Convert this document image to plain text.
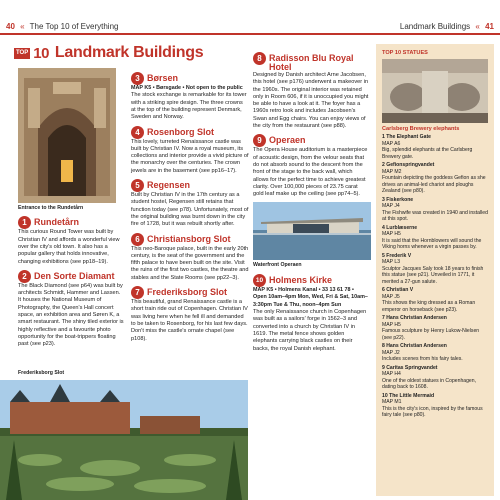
40 « The Top 10 of Everything	Landmark Buildings « 41
TOP 10 Landmark Buildings
Entrance to the Rundetårn
1 Rundetårn
This curious Round Tower was built by Christian IV and affords a wonderful view over the city's old town. It also has a popular gallery that holds innovative, changing exhibitions (see pp18–19).
2 Den Sorte Diamant
The Black Diamond (see p64) was built by architects Schmidt, Hammer and Lassen. It houses the National Museum of Photography, the Queen's Hall concert space, an exhibition area and Søren K, a smart restaurant. The shiny tiled exterior is highly reflective and a favourite photo opportunity for the boat-trippers floating past (see p23).
3 Børsen
MAP K5 • Børsgade • Not open to the public
The stock exchange is remarkable for its tower with a striking spire design. The three crowns at the top of the building represent Denmark, Sweden and Norway.
4 Rosenborg Slot
This lovely, turreted Renaissance castle was built by Christian IV. Now a royal museum, its collections and interior provide a vivid picture of the monarchy over the centuries. The crown jewels are in the basement (see pp16–17).
5 Regensen
Built by Christian IV in the 17th century as a student hostel, Regensen still retains that function today (see p78). Unfortunately, most of the original building was burnt down in the city fire of 1728, but it was rebuilt shortly after.
6 Christiansborg Slot
This neo-Baroque palace, built in the early 20th century, is the seat of the government and the fifth palace to have been built on the site. Visit the ruins of the first two castles, the theatre and stables and the State Rooms (see pp22–3).
7 Frederiksborg Slot
This beautiful, grand Renaissance castle is a short train ride out of Copenhagen. Christian IV was living here when he fell ill and demanded to be taken to Rosenborg, for his last few days. Don't miss the castle's ornate chapel (see p108).
8 Radisson Blu Royal Hotel
Designed by Danish architect Arne Jacobsen, this hotel (see p176) underwent a makeover in the 1960s. The original interior was retained only in Room 606, if it is unoccupied you might be able to have a look at it. The foyer has a 1960s retro look and includes Jacobsen's Swan and Egg chairs. You can enjoy views of the city from the restaurant (see p88).
9 Operaen
The Opera House auditorium is a masterpiece of acoustic design, from the velour seats that do not absorb sound to the descent from the front of the stage to the back wall, which allows for the perfect time to achieve greatest clarity. Over 100,000 pieces of 23.75 carat gold leaf make up the ceiling (see pp74–5).
Waterfront Operaen
10 Holmens Kirke
MAP K5 • Holmens Kanal • 33 13 61 78 • Open 10am–4pm Mon, Wed, Fri & Sat, 10am–3:30pm Tue & Thu, noon–4pm Sun
The only Renaissance church in Copenhagen was built as a sailors' forge in 1562–3 and converted into a church by Christian IV in 1619. The metal fence shows golden elephants carrying black castles on their backs, the royal Danish elephant.
Frederiksborg Slot
TOP 10 STATUES
Carlsberg Brewery elephants
1 The Elephant Gate
MAP A6
Big, splendid elephants at the Carlsberg Brewery gate.
2 Gefionspringvandet
MAP M2
Fountain depicting the goddess Gefion as she drives an animal-led chariot and ploughs Zealand (see p80).
3 Fiskerkone
MAP J4
The Fishwife was created in 1940 and installed at this spot.
4 Lurblæserne
MAP H5
It is said that the Hornblowers will sound the Viking horns whenever a virgin passes by.
5 Frederik V
MAP L3
Sculptor Jacques Saly took 18 years to finish this statue (see p21). Unveiled in 1771, it merited a 27-gun salute.
6 Christian V
MAP J5
This shows the king dressed as a Roman emperor on horseback (see p23).
7 Hans Christian Andersen
MAP H5
Famous sculpture by Henry Lukow-Nielsen (see p22).
8 Hans Christian Andersen
MAP J2
Includes scenes from his fairy tales.
9 Caritas Springvandet
MAP H4
One of the oldest statues in Copenhagen, dating back to 1608.
10 The Little Mermaid
MAP M1
This is the city's icon, inspired by the famous fairy tale (see p80).
